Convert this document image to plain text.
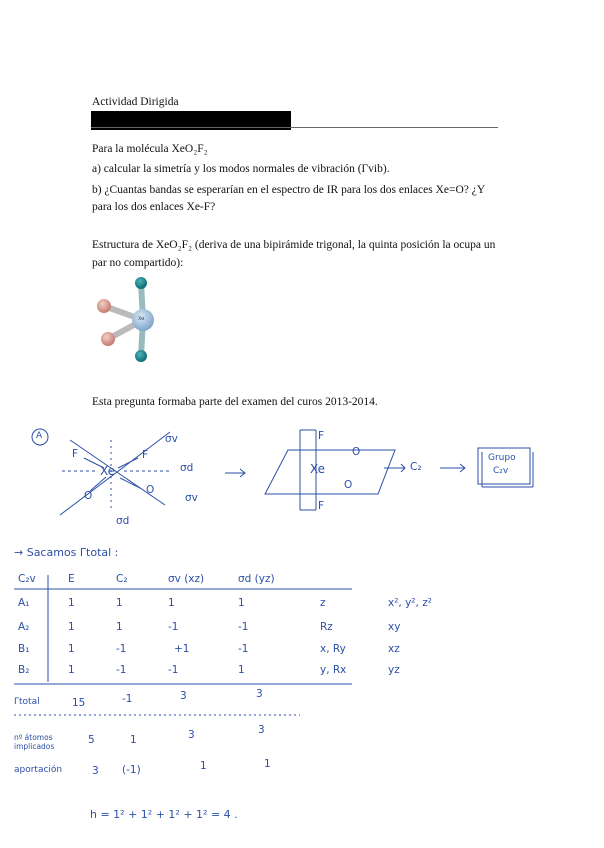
Actividad Dirigida
Para la molécula XeO₂F₂
a) calcular la simetría y los modos normales de vibración (Γvib).
b) ¿Cuantas bandas se esperarían en el espectro de IR para los dos enlaces Xe=O? ¿Y
para los dos enlaces Xe-F?
Estructura de XeO₂F₂ (deriva de una bipirámide trigonal, la quinta posición la ocupa un
par no compartido):
Xe
Esta pregunta formaba parte del examen del curos 2013-2014.
A
Xe
F	F
O	O
σv
σd
σv
σd
F
Xe
F
O
O
C₂
Grupo
C₂v
→ Sacamos Γtotal :
C₂v	E	C₂	σv (xz)	σd (yz)
A₁	1	1	1	1	z	x², y², z²
A₂	1	1	-1	-1	Rz	xy
B₁	1	-1	+1	-1	x, Ry	xz
B₂	1	-1	-1	1	y, Rx	yz
Γtotal	15	-1	3	3
nº átomos
implicados
5	1	3	3
aportación	3 (-1)	1	1
h = 1² + 1² + 1² + 1² = 4 .
